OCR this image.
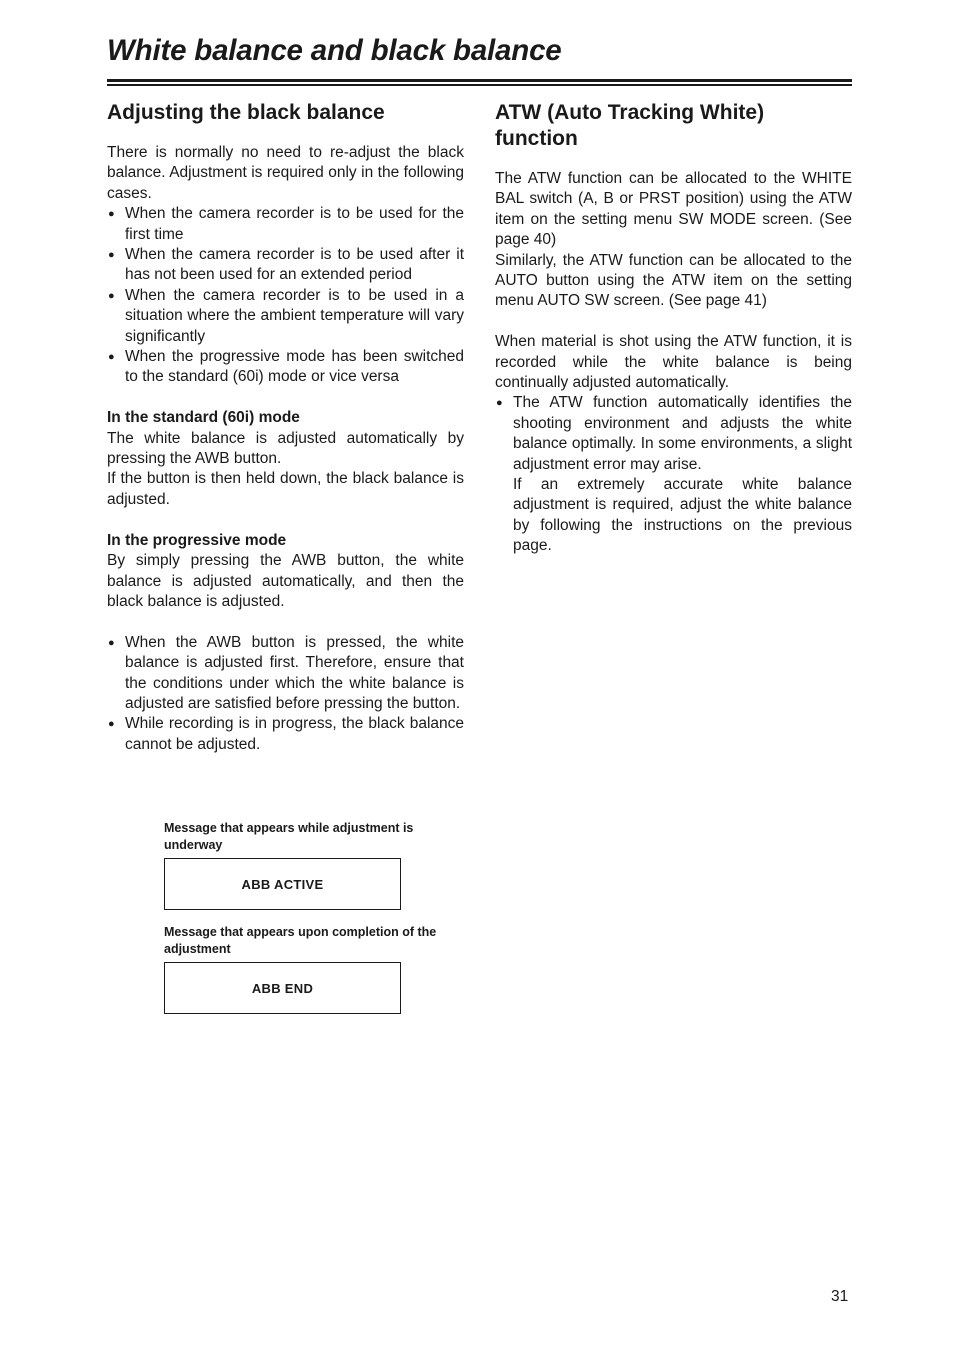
White balance and black balance
Adjusting the black balance

There is normally no need to re-adjust the black balance. Adjustment is required only in the following cases.

● When the camera recorder is to be used for the first time
● When the camera recorder is to be used after it has not been used for an extended period
● When the camera recorder is to be used in a situation where the ambient temperature will vary significantly
● When the progressive mode has been switched to the standard (60i) mode or vice versa

In the standard (60i) mode

The white balance is adjusted automatically by pressing the AWB button.

If the button is then held down, the black balance is adjusted.

In the progressive mode

By simply pressing the AWB button, the white balance is adjusted automatically, and then the black balance is adjusted.

● When the AWB button is pressed, the white balance is adjusted first. Therefore, ensure that the conditions under which the white balance is adjusted are satisfied before pressing the button.
● While recording is in progress, the black balance cannot be adjusted.
Message that appears while adjustment is underway
ABB ACTIVE
Message that appears upon completion of the adjustment
ABB END
ATW (Auto Tracking White) function

The ATW function can be allocated to the WHITE BAL switch (A, B or PRST position) using the ATW item on the setting menu SW MODE screen. (See page 40)

Similarly, the ATW function can be allocated to the AUTO button using the ATW item on the setting menu AUTO SW screen. (See page 41)

When material is shot using the ATW function, it is recorded while the white balance is being continually adjusted automatically.

● The ATW function automatically identifies the shooting environment and adjusts the white balance optimally. In some environments, a slight adjustment error may arise.

If an extremely accurate white balance adjustment is required, adjust the white balance by following the instructions on the previous page.

31
